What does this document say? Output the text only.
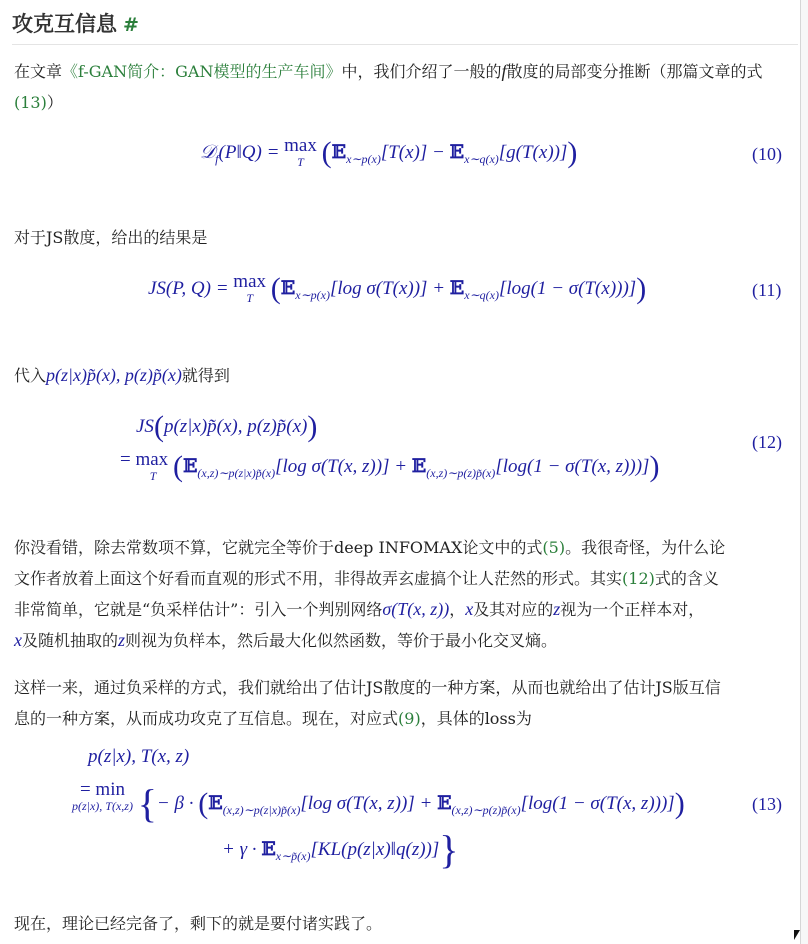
攻克互信息 #
在文章《f-GAN简介：GAN模型的生产车间》中，我们介绍了一般的f散度的局部变分推断（那篇文章的式(13)）
𝒟$_f$(P‖Q) = max
T (𝔼$_{x\sim p(x)}$[T(x)] − 𝔼$_{x\sim q(x)}$[g(T(x))])	(10)
对于JS散度，给出的结果是
JS(P, Q) = max
T (𝔼$_{x\sim p(x)}$[log σ(T(x))] + 𝔼$_{x\sim q(x)}$[log(1 − σ(T(x)))])	(11)
代入p(z|x)p̃(x), p(z)p̃(x)就得到
JS(p(z|x)p̃(x), p(z)p̃(x))
= max
T (𝔼$_{(x,z)\sim p(z|x)p̃(x)}$[log σ(T(x, z))] + 𝔼$_{(x,z)\sim p(z)p̃(x)}$[log(1 − σ(T(x, z)))])
(12)
你没看错，除去常数项不算，它就完全等价于deep INFOMAX论文中的式(5)。我很奇怪，为什么论
文作者放着上面这个好看而直观的形式不用，非得故弄玄虚搞个让人茫然的形式。其实(12)式的含义
非常简单，它就是“负采样估计”：引入一个判别网络σ(T(x, z))，x及其对应的z视为一个正样本对，
x及随机抽取的z则视为负样本，然后最大化似然函数，等价于最小化交叉熵。
这样一来，通过负采样的方式，我们就给出了估计JS散度的一种方案，从而也就给出了估计JS版互信
息的一种方案，从而成功攻克了互信息。现在，对应式(9)，具体的loss为
p(z|x), T(x, z)
= min
p(z|x), T(x,z) {− β · (𝔼$_{(x,z)\sim p(z|x)p̃(x)}$[log σ(T(x, z))] + 𝔼$_{(x,z)\sim p(z)p̃(x)}$[log(1 − σ(T(x, z)))])
+ γ · 𝔼$_{x\sim p̃(x)}$[KL(p(z|x)‖q(z))]}
(13)
现在，理论已经完备了，剩下的就是要付诸实践了。
